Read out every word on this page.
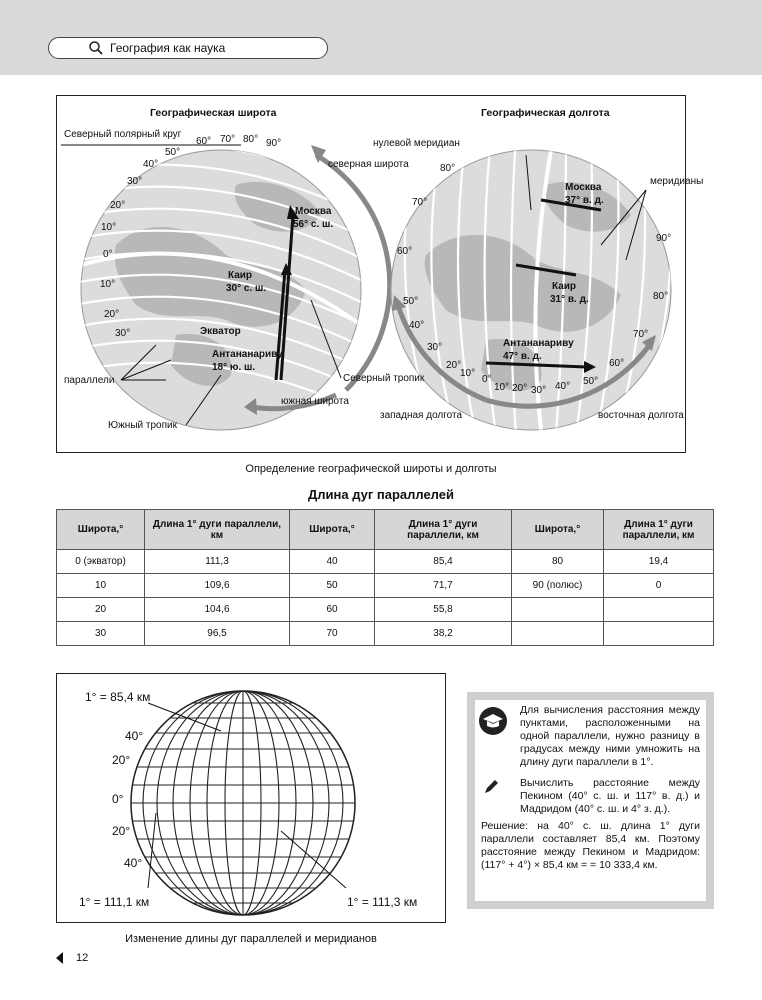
География как наука
Географическая широта
Северный полярный круг
90°
80°
70°
60°
50°
40°
30°
20°
10°
0°
10°
20°
30°
северная широта
Москва
56° с. ш.
Каир
30° с. ш.
Экватор
Антананариву
18° ю. ш.
параллели	Северный тропик
южная широта
Южный тропик
Географическая долгота
нулевой меридиан
меридианы
80°
70°
60°
50°
40°
30°
20°
10°
0°
10° 20° 30° 40° 50°
60°
70°
80°
90°
Москва
37° в. д.
Каир
31° в. д.
Антананариву
47° в. д.
западная долгота	восточная долгота
Определение географической широты и долготы
Длина дуг параллелей
Широта,°	Длина 1° дуги параллели, км	Широта,°	Длина 1° дуги параллели, км	Широта,°	Длина 1° дуги параллели, км
0 (экватор)	111,3	40	85,4	80	19,4
10	109,6	50	71,7	90 (полюс)	0
20	104,6	60	55,8		
30	96,5	70	38,2		
1° = 85,4 км
40°
20°
0°
20°
40°
1° = 111,1 км	1° = 111,3 км
Изменение длины дуг параллелей и меридианов
Для вычисления расстояния между пунктами, расположенными на одной параллели, нужно разницу в градусах между ними умножить на длину дуги параллели в 1°.
Вычислить расстояние между Пекином (40° с. ш. и 117° в. д.) и Мадридом (40° с. ш. и 4° з. д.).
Решение: на 40° с. ш. длина 1° дуги параллели составляет 85,4 км. Поэтому расстояние между Пекином и Мадридом: (117° + 4°) × 85,4 км = = 10 333,4 км.
12
